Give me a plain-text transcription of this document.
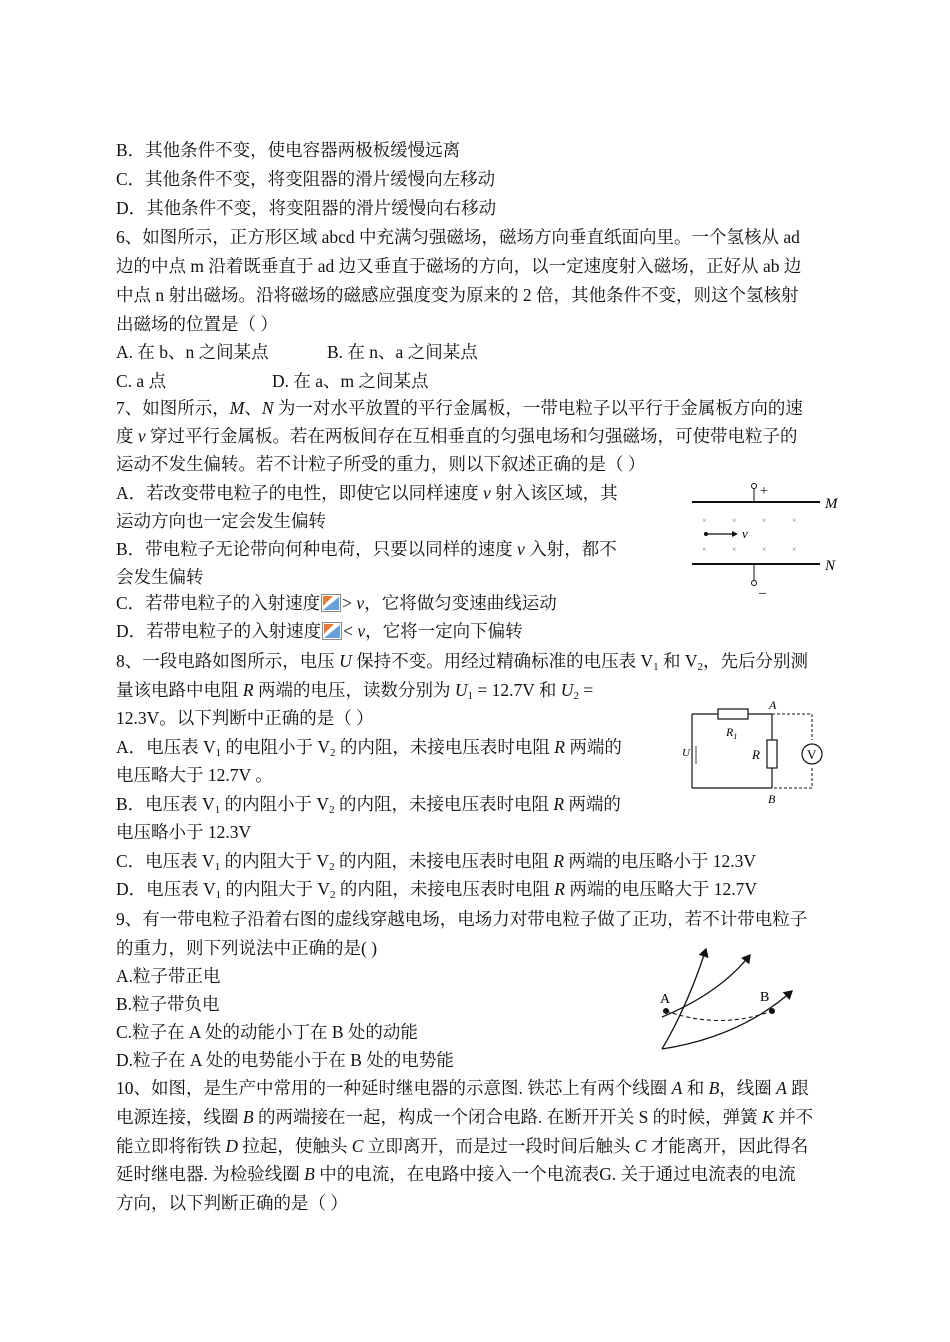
B．其他条件不变，使电容器两极板缓慢远离
C．其他条件不变，将变阻器的滑片缓慢向左移动
D．其他条件不变，将变阻器的滑片缓慢向右移动
6、如图所示，正方形区域 abcd 中充满匀强磁场，磁场方向垂直纸面向里。一个氢核从 ad
边的中点 m 沿着既垂直于 ad 边又垂直于磁场的方向，以一定速度射入磁场，正好从 ab 边
中点 n 射出磁场。沿将磁场的磁感应强度变为原来的 2 倍，其他条件不变，则这个氢核射
出磁场的位置是（ ）
A. 在 b、n 之间某点	B. 在 n、a 之间某点
C. a 点	D. 在 a、m 之间某点
7、如图所示，M、N 为一对水平放置的平行金属板，一带电粒子以平行于金属板方向的速
度 v 穿过平行金属板。若在两板间存在互相垂直的匀强电场和匀强磁场，可使带电粒子的
运动不发生偏转。若不计粒子所受的重力，则以下叙述正确的是（ ）
A．若改变带电粒子的电性，即使它以同样速度 v 射入该区域，其
运动方向也一定会发生偏转
B．带电粒子无论带向何种电荷，只要以同样的速度 v 入射，都不
会发生偏转
C．若带电粒子的入射速度 > v，它将做匀变速曲线运动
D．若带电粒子的入射速度 < v，它将一定向下偏转
+
_
M
N
×	×	×	×
×	×	×	×
v
8、一段电路如图所示，电压 U 保持不变。用经过精确标准的电压表 $V_1$ 和 $V_2$，先后分别测
量该电路中电阻 R 两端的电压，读数分别为 $U_1 = 12.7V$ 和 $U_2$ =
12.3V。以下判断中正确的是（ ）
A．电压表 $V_1$ 的电阻小于 $V_2$ 的内阻，未接电压表时电阻 R 两端的
电压略大于 12.7V 。
B．电压表 $V_1$ 的内阻小于 $V_2$ 的内阻，未接电压表时电阻 R 两端的
电压略小于 12.3V
C．电压表 $V_1$ 的内阻大于 $V_2$ 的内阻，未接电压表时电阻 R 两端的电压略小于 12.3V
D．电压表 $V_1$ 的内阻大于 $V_2$ 的内阻，未接电压表时电阻 R 两端的电压略大于 12.7V
V
A
B
$R_1$
R
U
9、有一带电粒子沿着右图的虚线穿越电场，电场力对带电粒子做了正功，若不计带电粒子
的重力，则下列说法中正确的是( )
A.粒子带正电
B.粒子带负电
C.粒子在 A 处的动能小丁在 B 处的动能
D.粒子在 A 处的电势能小于在 B 处的电势能
A	B
10、如图，是生产中常用的一种延时继电器的示意图. 铁芯上有两个线圈 A 和 B，线圈 A 跟
电源连接，线圈 B 的两端接在一起，构成一个闭合电路. 在断开开关 S 的时候，弹簧 K 并不
能立即将衔铁 D 拉起，使触头 C 立即离开，而是过一段时间后触头 C 才能离开，因此得名
延时继电器. 为检验线圈 B 中的电流，在电路中接入一个电流表G. 关于通过电流表的电流
方向，以下判断正确的是（ ）
